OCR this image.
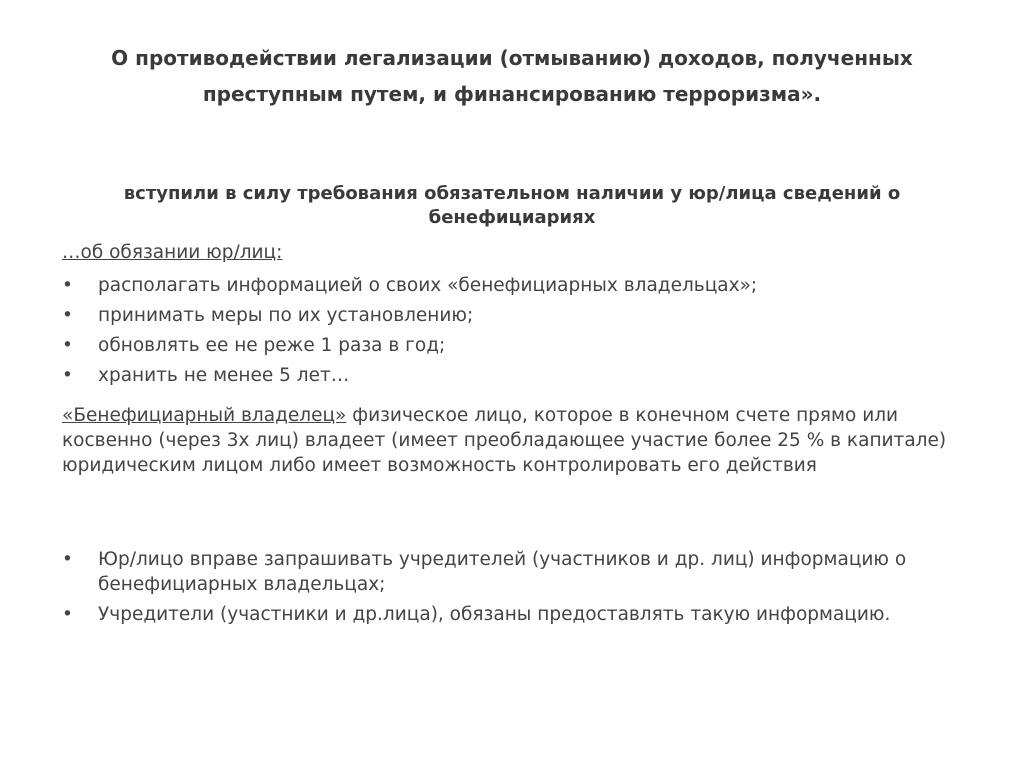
О противодействии легализации (отмыванию) доходов, полученных преступным путем, и финансированию терроризма».

вступили в силу требования обязательном наличии у юр/лица сведений о бенефициариях

…об обязании юр/лиц:
• располагать информацией о своих «бенефициарных владельцах»;
• принимать меры по их установлению;
• обновлять ее не реже 1 раза в год;
• хранить не менее 5 лет…
«Бенефициарный владелец» физическое лицо, которое в конечном счете прямо или косвенно (через 3х лиц) владеет (имеет преобладающее участие более 25 % в капитале) юридическим лицом либо имеет возможность контролировать его действия
• Юр/лицо вправе запрашивать учредителей (участников и др. лиц) информацию о бенефициарных владельцах;
• Учредители (участники и др.лица), обязаны предоставлять такую информацию.
